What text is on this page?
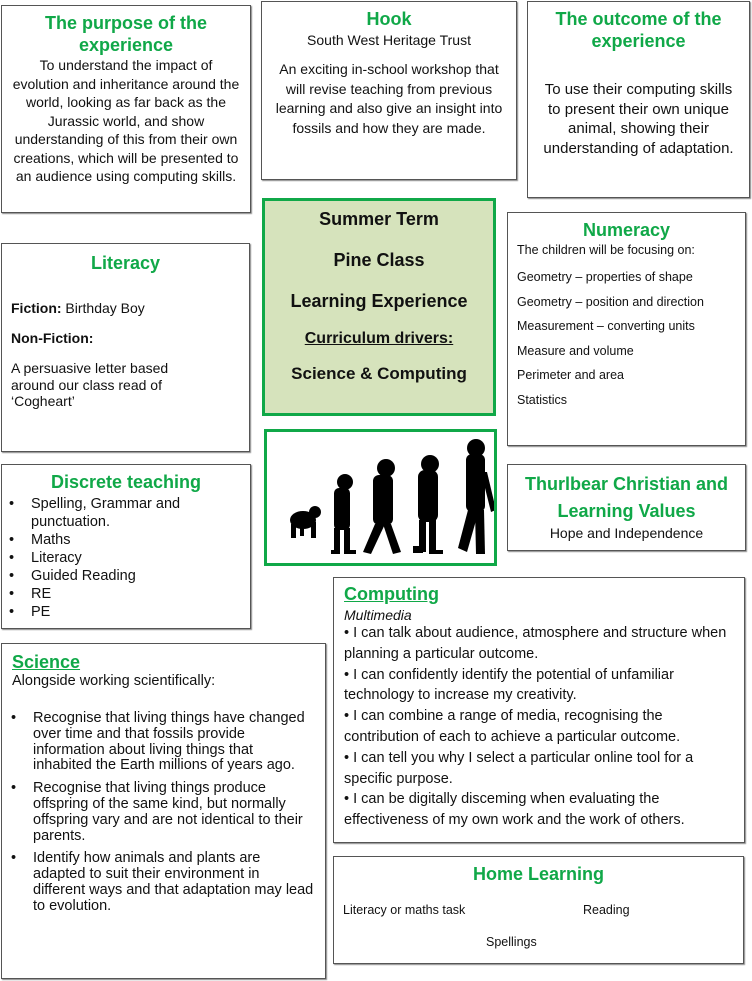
The purpose of the experience

To understand the impact of evolution and inheritance around the world, looking as far back as the Jurassic world, and show understanding of this from their own creations, which will be presented to an audience using computing skills.

Hook

South West Heritage Trust

An exciting in-school workshop that will revise teaching from previous learning and also give an insight into fossils and how they are made.

The outcome of the experience

To use their computing skills to present their own unique animal, showing their understanding of adaptation.

Summer Term
Pine Class
Learning Experience
Curriculum drivers:
Science & Computing
Literacy

Fiction: Birthday Boy

Non-Fiction:

A persuasive letter based around our class read of ‘Cogheart’

Numeracy

The children will be focusing on:

Geometry – properties of shape
Geometry – position and direction
Measurement – converting units
Measure and volume
Perimeter and area
Statistics
Discrete teaching
• Spelling, Grammar and punctuation.
• Maths
• Literacy
• Guided Reading
• RE
• PE
Thurlbear Christian and Learning Values

Hope and Independence

Computing

Multimedia

• I can talk about audience, atmosphere and structure when planning a particular outcome.

• I can confidently identify the potential of unfamiliar technology to increase my creativity.

• I can combine a range of media, recognising the contribution of each to achieve a particular outcome.

• I can tell you why I select a particular online tool for a specific purpose.

• I can be digitally disceming when evaluating the effectiveness of my own work and the work of others.

Science

Alongside working scientifically:

• Recognise that living things have changed over time and that fossils provide information about living things that inhabited the Earth millions of years ago.
• Recognise that living things produce offspring of the same kind, but normally offspring vary and are not identical to their parents.
• Identify how animals and plants are adapted to suit their environment in different ways and that adaptation may lead to evolution.
Home Learning
Literacy or maths task	Reading
Spellings
